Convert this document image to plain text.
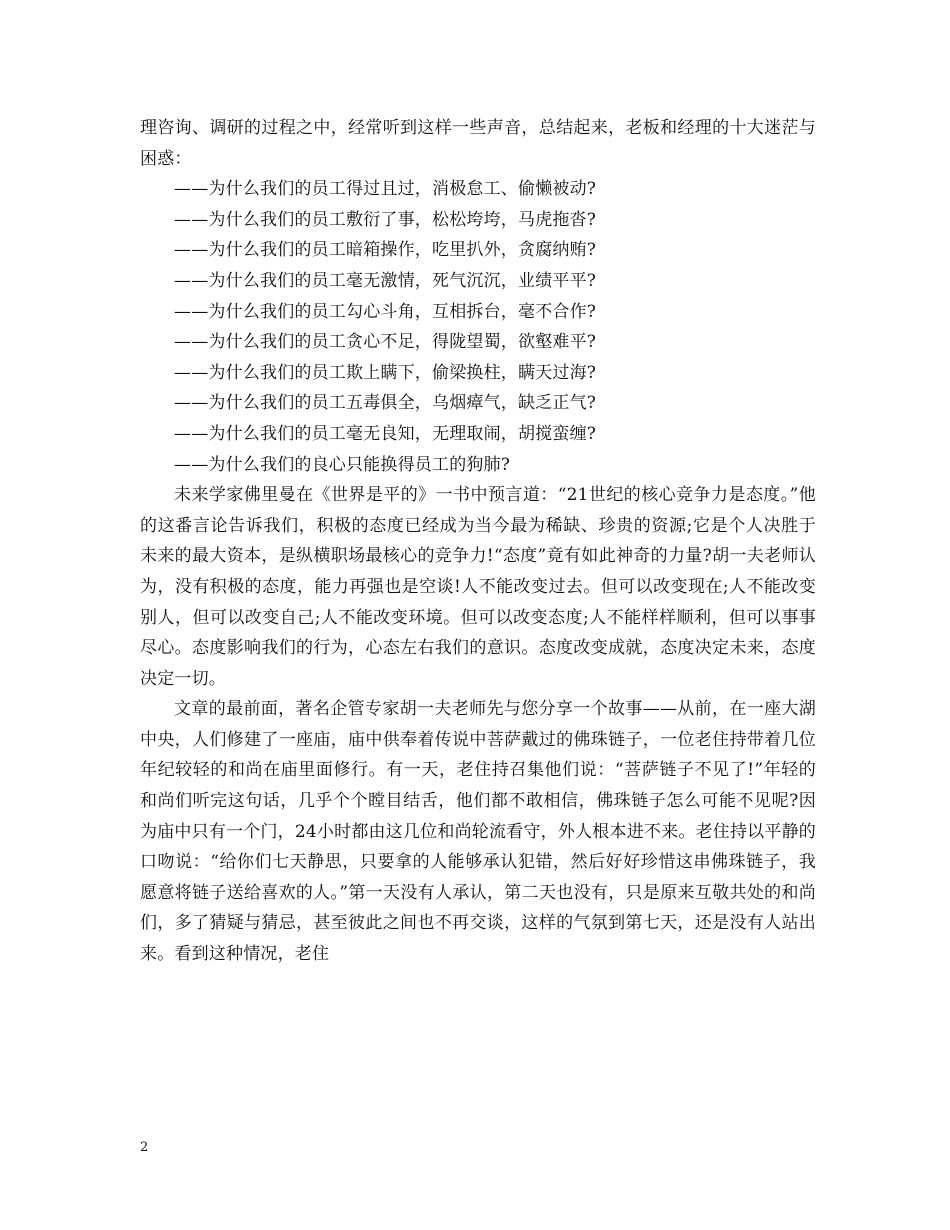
理咨询、调研的过程之中，经常听到这样一些声音，总结起来，老板和经理的十大迷茫与困惑：

——为什么我们的员工得过且过，消极怠工、偷懒被动?

——为什么我们的员工敷衍了事，松松垮垮，马虎拖沓?

——为什么我们的员工暗箱操作，吃里扒外，贪腐纳贿?

——为什么我们的员工毫无激情，死气沉沉，业绩平平?

——为什么我们的员工勾心斗角，互相拆台，毫不合作?

——为什么我们的员工贪心不足，得陇望蜀，欲壑难平?

——为什么我们的员工欺上瞒下，偷梁换柱，瞒天过海?

——为什么我们的员工五毒俱全，乌烟瘴气，缺乏正气?

——为什么我们的员工毫无良知，无理取闹，胡搅蛮缠?

——为什么我们的良心只能换得员工的狗肺?

未来学家佛里曼在《世界是平的》一书中预言道：“21世纪的核心竞争力是态度。”他的这番言论告诉我们，积极的态度已经成为当今最为稀缺、珍贵的资源;它是个人决胜于未来的最大资本，是纵横职场最核心的竞争力!“态度”竟有如此神奇的力量?胡一夫老师认为，没有积极的态度，能力再强也是空谈!人不能改变过去。但可以改变现在;人不能改变别人，但可以改变自己;人不能改变环境。但可以改变态度;人不能样样顺利，但可以事事尽心。态度影响我们的行为，心态左右我们的意识。态度改变成就，态度决定未来，态度决定一切。

文章的最前面，著名企管专家胡一夫老师先与您分享一个故事——从前，在一座大湖中央，人们修建了一座庙，庙中供奉着传说中菩萨戴过的佛珠链子，一位老住持带着几位年纪较轻的和尚在庙里面修行。有一天，老住持召集他们说：“菩萨链子不见了!”年轻的和尚们听完这句话，几乎个个瞠目结舌，他们都不敢相信，佛珠链子怎么可能不见呢?因为庙中只有一个门，24小时都由这几位和尚轮流看守，外人根本进不来。老住持以平静的口吻说：“给你们七天静思，只要拿的人能够承认犯错，然后好好珍惜这串佛珠链子，我愿意将链子送给喜欢的人。”第一天没有人承认，第二天也没有，只是原来互敬共处的和尚们，多了猜疑与猜忌，甚至彼此之间也不再交谈，这样的气氛到第七天，还是没有人站出来。看到这种情况，老住

2
